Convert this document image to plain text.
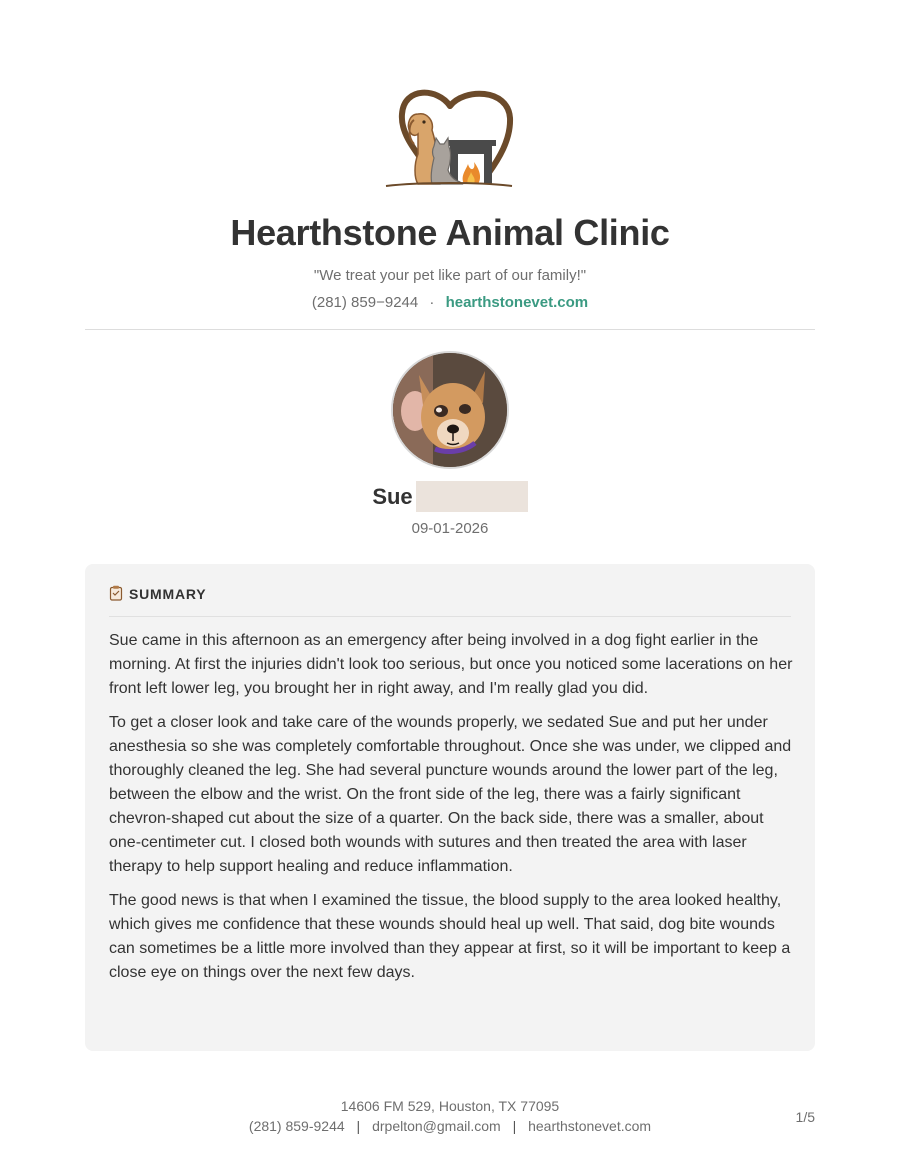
Hearthstone Animal Clinic
"We treat your pet like part of our family!"
(281) 859−9244 · hearthstonevet.com
Sue
09-01-2026
SUMMARY

Sue came in this afternoon as an emergency after being involved in a dog fight earlier in the morning. At first the injuries didn't look too serious, but once you noticed some lacerations on her front left lower leg, you brought her in right away, and I'm really glad you did.

To get a closer look and take care of the wounds properly, we sedated Sue and put her under anesthesia so she was completely comfortable throughout. Once she was under, we clipped and thoroughly cleaned the leg. She had several puncture wounds around the lower part of the leg, between the elbow and the wrist. On the front side of the leg, there was a fairly significant chevron-shaped cut about the size of a quarter. On the back side, there was a smaller, about one-centimeter cut. I closed both wounds with sutures and then treated the area with laser therapy to help support healing and reduce inflammation.

The good news is that when I examined the tissue, the blood supply to the area looked healthy, which gives me confidence that these wounds should heal up well. That said, dog bite wounds can sometimes be a little more involved than they appear at first, so it will be important to keep a close eye on things over the next few days.

14606 FM 529, Houston, TX 77095
(281) 859-9244 | drpelton@gmail.com | hearthstonevet.com
1/5
